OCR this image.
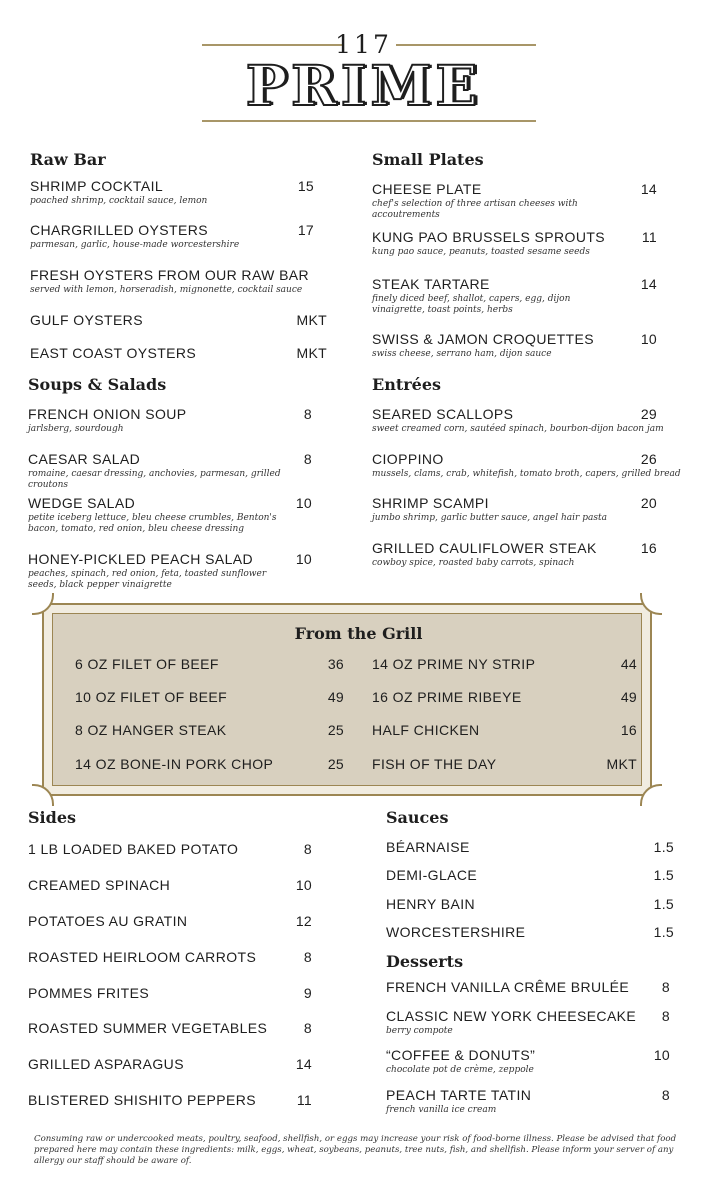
117
PRIME
Raw Bar
SHRIMP COCKTAIL
poached shrimp, cocktail sauce, lemon
15
CHARGRILLED OYSTERS
parmesan, garlic, house-made worcestershire
17
FRESH OYSTERS FROM OUR RAW BAR
served with lemon, horseradish, mignonette, cocktail sauce
GULF OYSTERS	MKT
EAST COAST OYSTERS	MKT
Soups & Salads
FRENCH ONION SOUP
jarlsberg, sourdough
8
CAESAR SALAD
romaine, caesar dressing, anchovies, parmesan, grilled croutons
8
WEDGE SALAD
petite iceberg lettuce, bleu cheese crumbles, Benton's bacon, tomato, red onion, bleu cheese dressing
10
HONEY-PICKLED PEACH SALAD
peaches, spinach, red onion, feta, toasted sunflower seeds, black pepper vinaigrette
10
Small Plates
CHEESE PLATE
chef's selection of three artisan cheeses with accoutrements
14
KUNG PAO BRUSSELS SPROUTS
kung pao sauce, peanuts, toasted sesame seeds
11
STEAK TARTARE
finely diced beef, shallot, capers, egg, dijon vinaigrette, toast points, herbs
14
SWISS & JAMON CROQUETTES
swiss cheese, serrano ham, dijon sauce
10
Entrées
SEARED SCALLOPS
sweet creamed corn, sautéed spinach, bourbon-dijon bacon jam
29
CIOPPINO
mussels, clams, crab, whitefish, tomato broth, capers, grilled bread
26
SHRIMP SCAMPI
jumbo shrimp, garlic butter sauce, angel hair pasta
20
GRILLED CAULIFLOWER STEAK
cowboy spice, roasted baby carrots, spinach
16
From the Grill
6 OZ FILET OF BEEF	36
10 OZ FILET OF BEEF	49
8 OZ HANGER STEAK	25
14 OZ BONE-IN PORK CHOP	25
14 OZ PRIME NY STRIP	44
16 OZ PRIME RIBEYE	49
HALF CHICKEN	16
FISH OF THE DAY	MKT
Sides
1 LB LOADED BAKED POTATO	8
CREAMED SPINACH	10
POTATOES AU GRATIN	12
ROASTED HEIRLOOM CARROTS	8
POMMES FRITES	9
ROASTED SUMMER VEGETABLES	8
GRILLED ASPARAGUS	14
BLISTERED SHISHITO PEPPERS	11
Sauces
BÉARNAISE	1.5
DEMI-GLACE	1.5
HENRY BAIN	1.5
WORCESTERSHIRE	1.5
Desserts
FRENCH VANILLA CRÊME BRULÉE	8
CLASSIC NEW YORK CHEESECAKE
berry compote
8
“COFFEE & DONUTS”
chocolate pot de crème, zeppole
10
PEACH TARTE TATIN
french vanilla ice cream
8
Consuming raw or undercooked meats, poultry, seafood, shellfish, or eggs may increase your risk of food-borne illness. Please be advised that food prepared here may contain these ingredients: milk, eggs, wheat, soybeans, peanuts, tree nuts, fish, and shellfish. Please inform your server of any allergy our staff should be aware of.
